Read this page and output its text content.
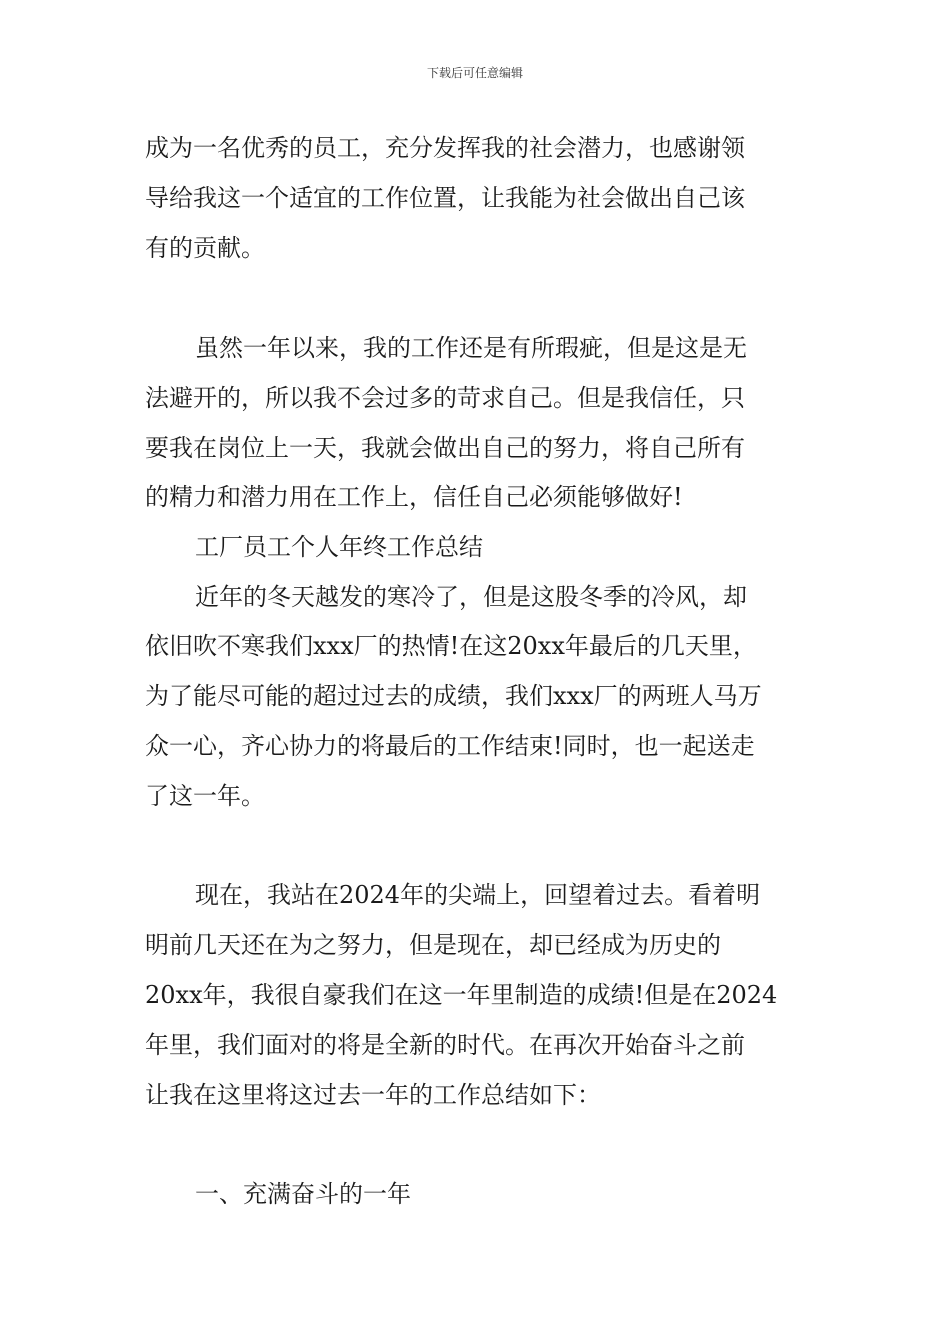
下载后可任意编辑
成为一名优秀的员工，充分发挥我的社会潜力，也感谢领
导给我这一个适宜的工作位置，让我能为社会做出自己该
有的贡献。
虽然一年以来，我的工作还是有所瑕疵，但是这是无
法避开的，所以我不会过多的苛求自己。但是我信任，只
要我在岗位上一天，我就会做出自己的努力，将自己所有
的精力和潜力用在工作上，信任自己必须能够做好!
工厂员工个人年终工作总结
近年的冬天越发的寒冷了，但是这股冬季的冷风，却
依旧吹不寒我们xxx厂的热情!在这20xx年最后的几天里，
为了能尽可能的超过过去的成绩，我们xxx厂的两班人马万
众一心，齐心协力的将最后的工作结束!同时，也一起送走
了这一年。
现在，我站在2024年的尖端上，回望着过去。看着明
明前几天还在为之努力，但是现在，却已经成为历史的
20xx年，我很自豪我们在这一年里制造的成绩!但是在2024
年里，我们面对的将是全新的时代。在再次开始奋斗之前
让我在这里将这过去一年的工作总结如下：
一、充满奋斗的一年
